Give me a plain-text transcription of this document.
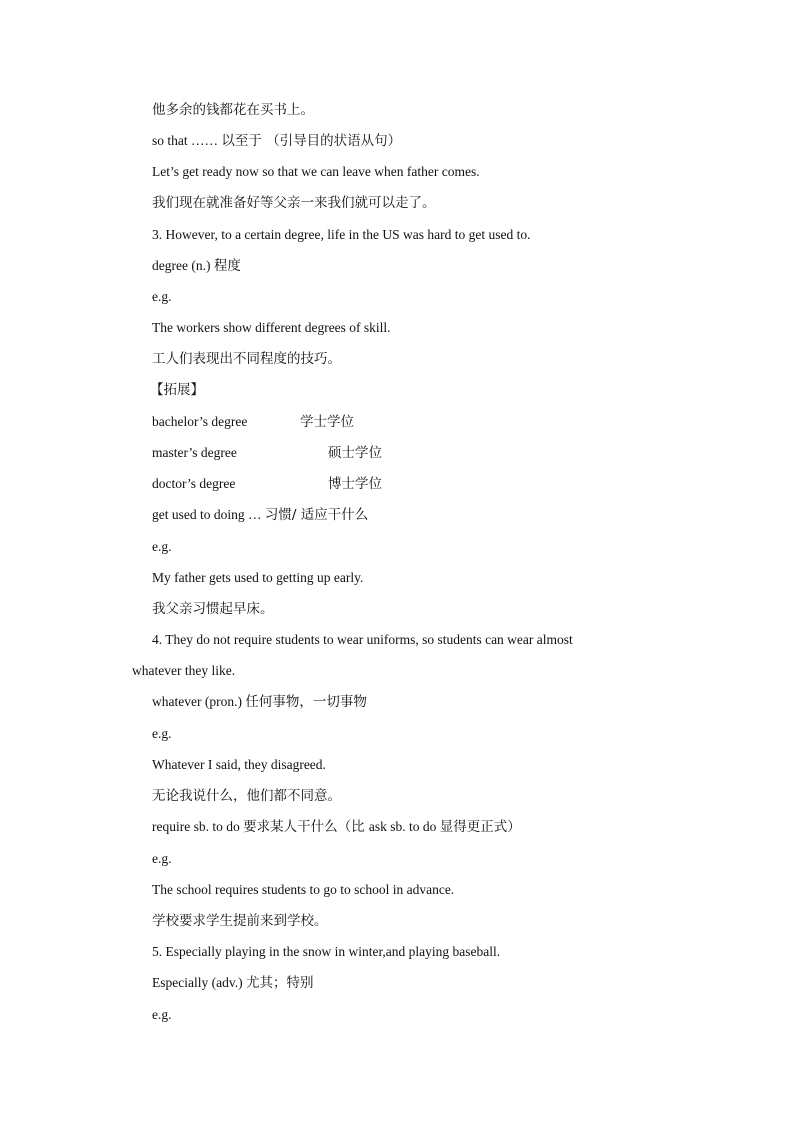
他多余的钱都花在买书上。
so that …… 以至于 （引导目的状语从句）
Let’s get ready now so that we can leave when father comes.
我们现在就准备好等父亲一来我们就可以走了。
3. However, to a certain degree, life in the US was hard to get used to.
degree (n.) 程度
e.g.
The workers show different degrees of skill.
工人们表现出不同程度的技巧。
【拓展】
bachelor’s degree	学士学位
master’s degree	硕士学位
doctor’s degree	博士学位
get used to doing … 习惯/ 适应干什么
e.g.
My father gets used to getting up early.
我父亲习惯起早床。
4. They do not require students to wear uniforms, so students can wear almost
whatever they like.
whatever (pron.) 任何事物，一切事物
e.g.
Whatever I said, they disagreed.
无论我说什么，他们都不同意。
require sb. to do 要求某人干什么（比 ask sb. to do 显得更正式）
e.g.
The school requires students to go to school in advance.
学校要求学生提前来到学校。
5. Especially playing in the snow in winter,and playing baseball.
Especially (adv.) 尤其；特别
e.g.
